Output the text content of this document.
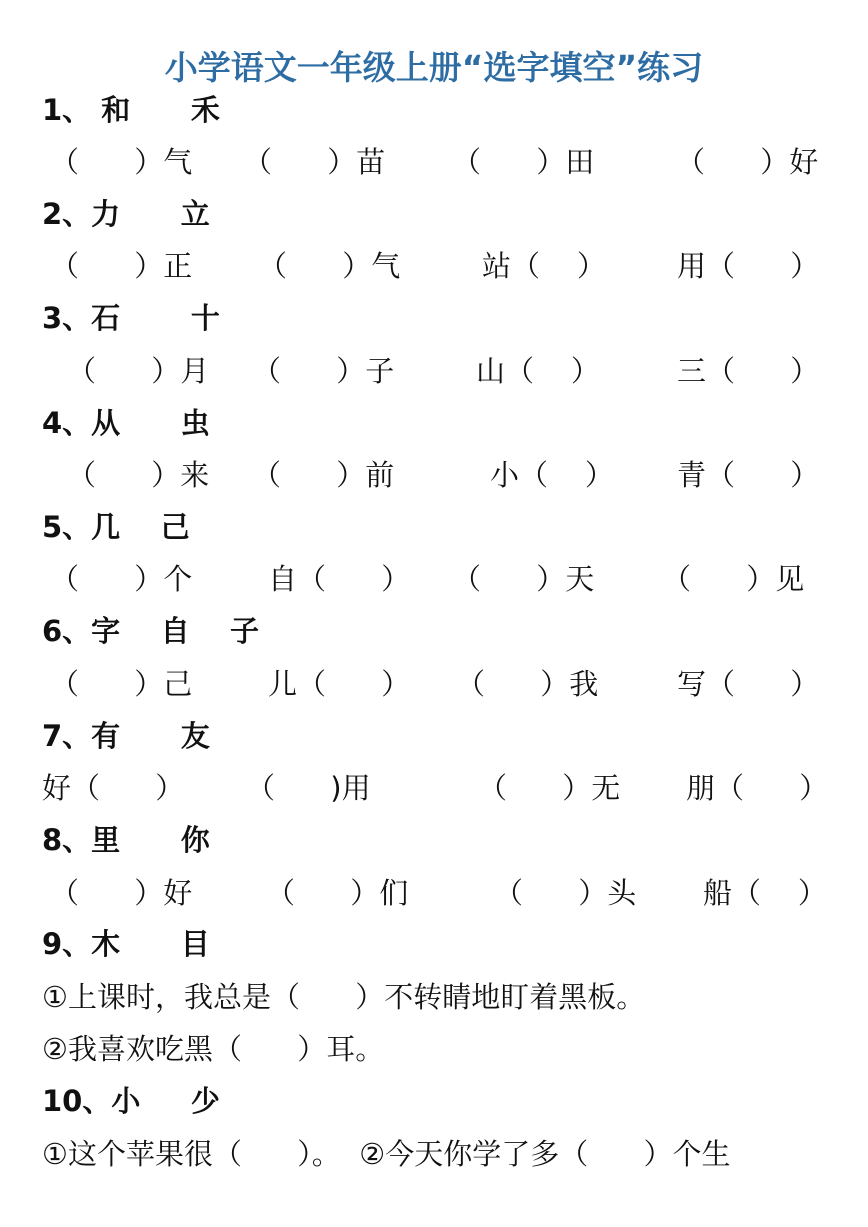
小学语文一年级上册“选字填空”练习
1、 和      禾
（      ）气 （      ）苗 （      ）田	（      ）好
2、力      立
（      ）正 （      ）气	站（    ） 用（      ）
3、石       十
（      ）月 （      ）子	山（    ）	三（      ）
4、从      虫
（      ）来 （      ）前	小（    ） 青（      ）
5、几    己
（      ）个	自（      ） （      ）天 （      ）见
6、字    自    子
（      ）己	儿（      ） （      ）我	写（      ）
7、有      友
好（      ） （      )用	（      ）无 朋（      ）
8、里      你
（      ）好	（      ）们	（      ）头 船（    ）
9、木      目
①上课时，我总是（      ）不转睛地盯着黑板。
②我喜欢吃黑（      ）耳。
10、小     少
①这个苹果很（      ）。  ②今天你学了多（      ）个生
